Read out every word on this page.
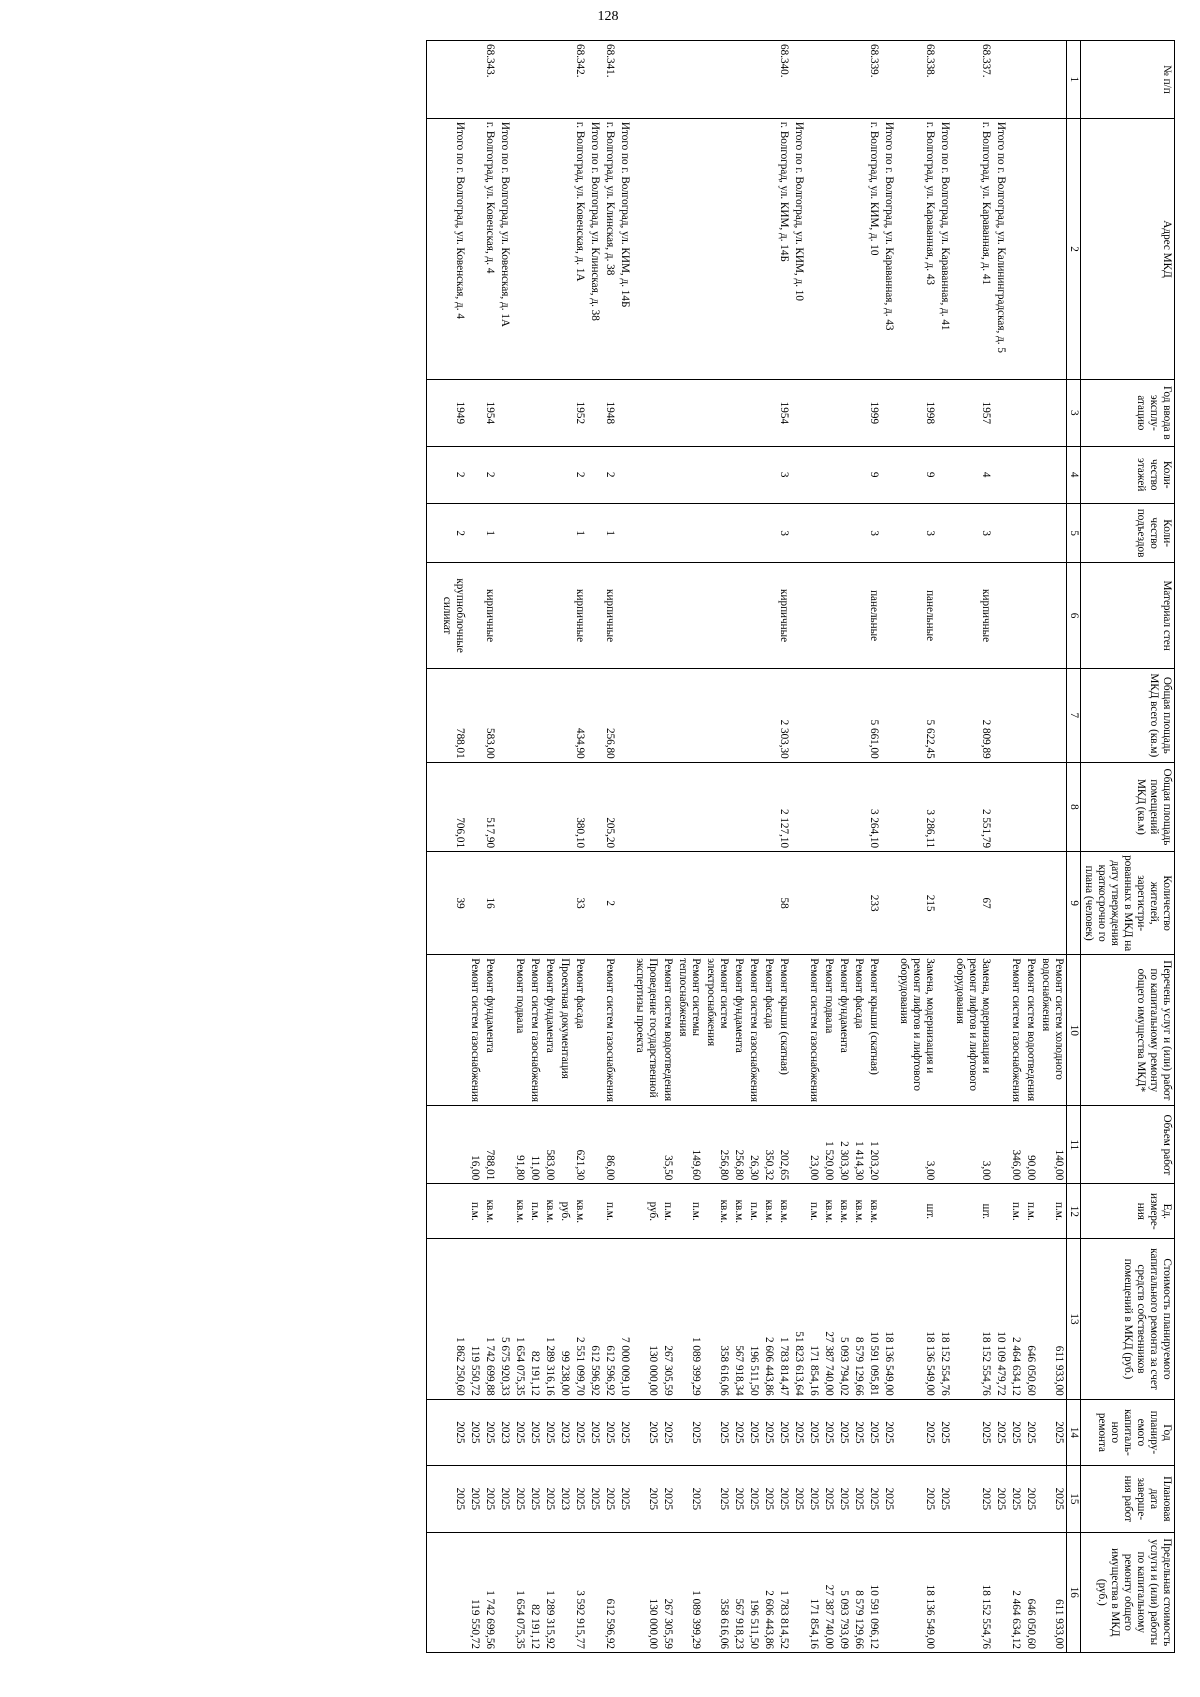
128
№ п/п	Адрес МКД	Год ввода в эксплу-атацию	Коли-чество этажей	Коли-чество подъездов	Материал стен	Общая площадь МКД всего (кв.м)	Общая площадь помещений МКД (кв.м)	Количество жителей, зарегистри-рованных в МКД на дату утверждения краткосрочно го плана (человек)	Перечень услуг и (или) работ по капитальному ремонту общего имущества МКД*	Объем работ	Ед. измере-ния	Стоимость планируемого капитального ремонта за счет средств собственников помещений в МКД (руб.)	Год планиру-емого капиталь-ного ремонта	Плановая дата заверше-ния работ	Предельная стоимость услуги и (или) работы по капитальному ремонту общего имущества в МКД (руб.)
1	2	3	4	5	6	7	8	9	10	11	12	13	14	15	16
									Ремонт систем холодного водоснабжения	140,00	п.м.	611 933,00	2025	2025	611 933,00
									Ремонт систем водоотведения	90,00	п.м.	646 050,60	2025	2025	646 050,60
									Ремонт систем газоснабжения	346,00	п.м.	2 464 634,12	2025	2025	2 464 634,12
	Итого по г. Волгоград, ул. Калининградская, д. 5											10 109 479,72	2025	2025	
68.337.	г. Волгоград, ул. Караванная, д. 41	1957	4	3	кирпичные	2 809,89	2 551,79	67	Замена, модернизация и ремонт лифтов и лифтового оборудования	3,00	шт.	18 152 554,76	2025	2025	18 152 554,76
	Итого по г. Волгоград, ул. Караванная, д. 41											18 152 554,76	2025	2025	
68.338.	г. Волгоград, ул. Караванная, д. 43	1998	9	3	панельные	5 622,45	3 286,11	215	Замена, модернизация и ремонт лифтов и лифтового оборудования	3,00	шт.	18 136 549,00	2025	2025	18 136 549,00
	Итого по г. Волгоград, ул. Караванная, д. 43											18 136 549,00	2025	2025	
68.339.	г. Волгоград, ул. КИМ, д. 10	1999	9	3	панельные	5 661,00	3 264,10	233	Ремонт крыши (скатная)	1 203,20	кв.м.	10 591 095,81	2025	2025	10 591 096,12
									Ремонт фасада	1 414,30	кв.м.	8 579 129,66	2025	2025	8 579 129,66
									Ремонт фундамента	2 303,30	кв.м.	5 093 794,02	2025	2025	5 093 793,09
									Ремонт подвала	1 520,00	кв.м.	27 387 740,00	2025	2025	27 387 740,00
									Ремонт систем газоснабжения	23,00	п.м.	171 854,16	2025	2025	171 854,16
	Итого по г. Волгоград, ул. КИМ, д. 10											51 823 613,64	2025	2025	
68.340.	г. Волгоград, ул. КИМ, д. 14Б	1954	3	3	кирпичные	2 303,30	2 127,10	58	Ремонт крыши (скатная)	202,65	кв.м.	1 783 814,47	2025	2025	1 783 814,52
									Ремонт фасада	350,32	кв.м.	2 606 443,86	2025	2025	2 606 443,86
									Ремонт систем газоснабжения	26,30	п.м.	196 511,50	2025	2025	196 511,50
									Ремонт фундамента	256,80	кв.м.	567 918,34	2025	2025	567 918,23
									Ремонт систем электроснабжения	256,80	кв.м.	358 616,06	2025	2025	358 616,06
									Ремонт системы теплоснабжения	149,60	п.м.	1 089 399,29	2025	2025	1 089 399,29
									Ремонт систем водоотведения	35,50	п.м.	267 305,59	2025	2025	267 305,59
									Проведение государственной экспертизы проекта		руб.	130 000,00	2025	2025	130 000,00
	Итого по г. Волгоград, ул. КИМ, д. 14Б											7 000 009,10	2025	2025	
68.341.	г. Волгоград, ул. Клинская, д. 38	1948	2	1	кирпичные	256,80	205,20	2	Ремонт систем газоснабжения	86,00	п.м.	612 596,92	2025	2025	612 596,92
	Итого по г. Волгоград, ул. Клинская, д. 38											612 596,92	2025	2025	
68.342.	г. Волгоград, ул. Ковенская, д. 1А	1952	2	1	кирпичные	434,90	380,10	33	Ремонт фасада	621,30	кв.м.	2 551 099,70	2025	2025	3 592 915,77
									Проектная документация		руб.	99 238,00	2023	2023	
									Ремонт фундамента	583,00	кв.м.	1 289 316,16	2025	2025	1 289 315,92
									Ремонт систем газоснабжения	11,00	п.м.	82 191,12	2025	2025	82 191,12
									Ремонт подвала	91,80	кв.м.	1 654 075,35	2025	2025	1 654 075,35
	Итого по г. Волгоград, ул. Ковенская, д. 1А											5 675 920,33	2023	2025	
68.343.	г. Волгоград, ул. Ковенская, д. 4	1954	2	1	кирпичные	583,00	517,90	16	Ремонт фундамента	788,01	кв.м.	1 742 699,88	2025	2025	1 742 699,56
									Ремонт систем газоснабжения	16,00	п.м.	119 550,72	2025	2025	119 550,72
	Итого по г. Волгоград, ул. Ковенская, д. 4	1949	2	2	крупноблочные силикат	788,01	706,01	39				1 862 250,60	2025	2025	
